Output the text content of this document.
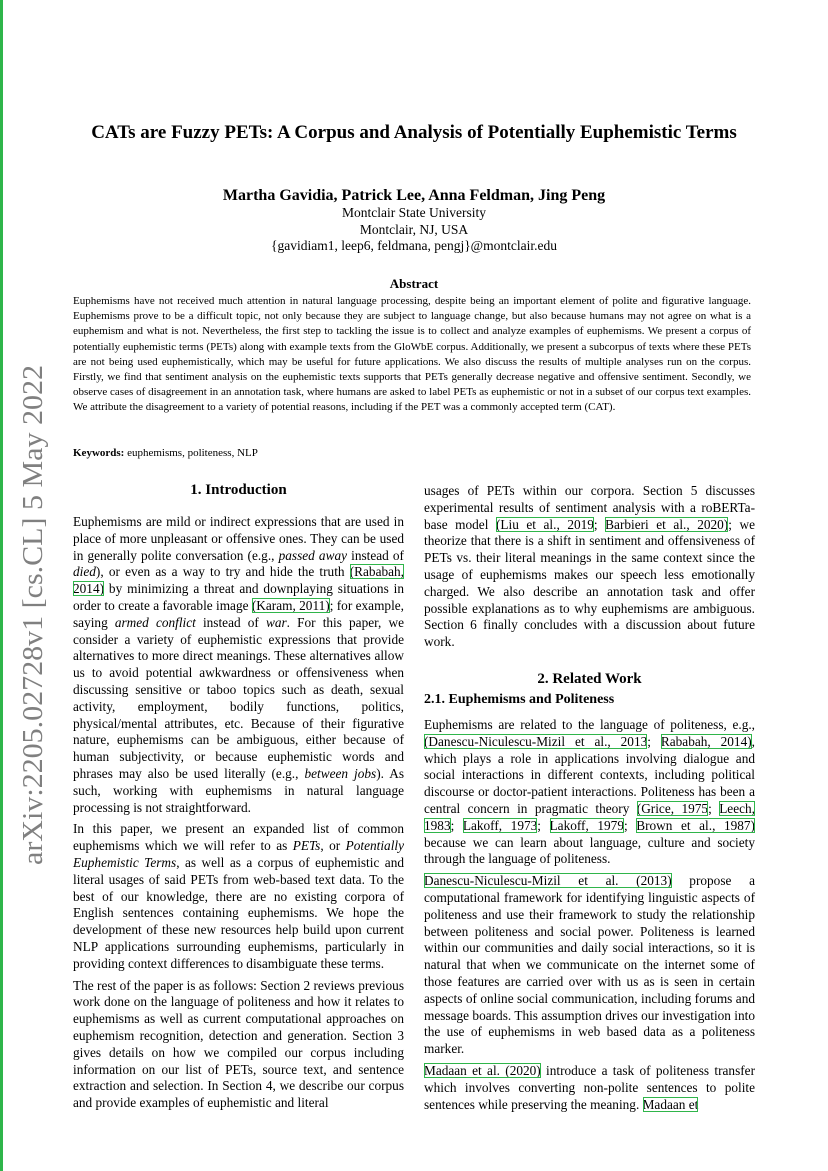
arXiv:2205.02728v1 [cs.CL] 5 May 2022
CATs are Fuzzy PETs: A Corpus and Analysis of Potentially Euphemistic Terms
Martha Gavidia, Patrick Lee, Anna Feldman, Jing Peng
Montclair State University
Montclair, NJ, USA
{gavidiam1, leep6, feldmana, pengj}@montclair.edu
Abstract
Euphemisms have not received much attention in natural language processing, despite being an important element of polite and figurative language. Euphemisms prove to be a difficult topic, not only because they are subject to language change, but also because humans may not agree on what is a euphemism and what is not. Nevertheless, the first step to tackling the issue is to collect and analyze examples of euphemisms. We present a corpus of potentially euphemistic terms (PETs) along with example texts from the GloWbE corpus. Additionally, we present a subcorpus of texts where these PETs are not being used euphemistically, which may be useful for future applications. We also discuss the results of multiple analyses run on the corpus. Firstly, we find that sentiment analysis on the euphemistic texts supports that PETs generally decrease negative and offensive sentiment. Secondly, we observe cases of disagreement in an annotation task, where humans are asked to label PETs as euphemistic or not in a subset of our corpus text examples. We attribute the disagreement to a variety of potential reasons, including if the PET was a commonly accepted term (CAT).
Keywords: euphemisms, politeness, NLP
1. Introduction

Euphemisms are mild or indirect expressions that are used in place of more unpleasant or offensive ones. They can be used in generally polite conversation (e.g., passed away instead of died), or even as a way to try and hide the truth (Rababah, 2014) by minimizing a threat and downplaying situations in order to create a favorable image (Karam, 2011); for example, saying armed conflict instead of war. For this paper, we consider a variety of euphemistic expressions that provide alternatives to more direct meanings. These alternatives allow us to avoid potential awkwardness or offensiveness when discussing sensitive or taboo topics such as death, sexual activity, employment, bodily functions, politics, physical/mental attributes, etc. Because of their figurative nature, euphemisms can be ambiguous, either because of human subjectivity, or because euphemistic words and phrases may also be used literally (e.g., between jobs). As such, working with euphemisms in natural language processing is not straightforward.

In this paper, we present an expanded list of common euphemisms which we will refer to as PETs, or Potentially Euphemistic Terms, as well as a corpus of euphemistic and literal usages of said PETs from web-based text data. To the best of our knowledge, there are no existing corpora of English sentences containing euphemisms. We hope the development of these new resources help build upon current NLP applications surrounding euphemisms, particularly in providing context differences to disambiguate these terms.

The rest of the paper is as follows: Section 2 reviews previous work done on the language of politeness and how it relates to euphemisms as well as current computational approaches on euphemism recognition, detection and generation. Section 3 gives details on how we compiled our corpus including information on our list of PETs, source text, and sentence extraction and selection. In Section 4, we describe our corpus and provide examples of euphemistic and literal

usages of PETs within our corpora. Section 5 discusses experimental results of sentiment analysis with a roBERTa-base model (Liu et al., 2019; Barbieri et al., 2020); we theorize that there is a shift in sentiment and offensiveness of PETs vs. their literal meanings in the same context since the usage of euphemisms makes our speech less emotionally charged. We also describe an annotation task and offer possible explanations as to why euphemisms are ambiguous. Section 6 finally concludes with a discussion about future work.

2. Related Work
2.1. Euphemisms and Politeness

Euphemisms are related to the language of politeness, e.g., (Danescu-Niculescu-Mizil et al., 2013; Rababah, 2014), which plays a role in applications involving dialogue and social interactions in different contexts, including political discourse or doctor-patient interactions. Politeness has been a central concern in pragmatic theory (Grice, 1975; Leech, 1983; Lakoff, 1973; Lakoff, 1979; Brown et al., 1987) because we can learn about language, culture and society through the language of politeness.

Danescu-Niculescu-Mizil et al. (2013) propose a computational framework for identifying linguistic aspects of politeness and use their framework to study the relationship between politeness and social power. Politeness is learned within our communities and daily social interactions, so it is natural that when we communicate on the internet some of those features are carried over with us as is seen in certain aspects of online social communication, including forums and message boards. This assumption drives our investigation into the use of euphemisms in web based data as a politeness marker.

Madaan et al. (2020) introduce a task of politeness transfer which involves converting non-polite sentences to polite sentences while preserving the meaning. Madaan et
